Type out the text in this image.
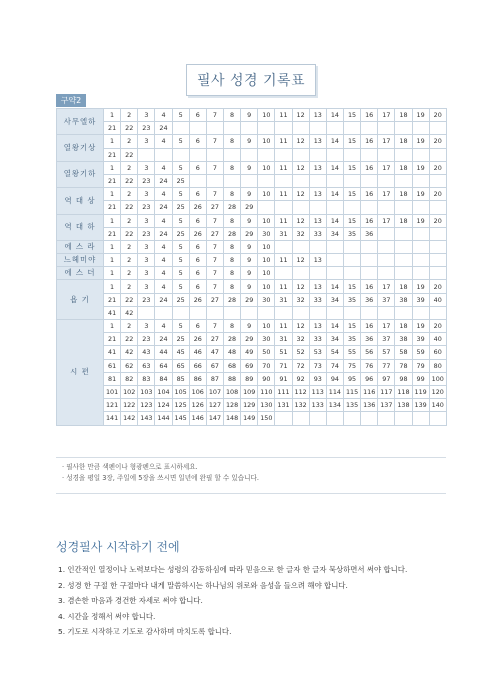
필사 성경 기록표
구약2
사무엘하	1	2	3	4	5	6	7	8	9	10	11	12	13	14	15	16	17	18	19	20
	21	22	23	24																
열왕기상	1	2	3	4	5	6	7	8	9	10	11	12	13	14	15	16	17	18	19	20
	21	22																		
열왕기하	1	2	3	4	5	6	7	8	9	10	11	12	13	14	15	16	17	18	19	20
	21	22	23	24	25															
역 대 상	1	2	3	4	5	6	7	8	9	10	11	12	13	14	15	16	17	18	19	20
	21	22	23	24	25	26	27	28	29											
역 대 하	1	2	3	4	5	6	7	8	9	10	11	12	13	14	15	16	17	18	19	20
	21	22	23	24	25	26	27	28	29	30	31	32	33	34	35	36				
에 스 라	1	2	3	4	5	6	7	8	9	10										
느헤미야	1	2	3	4	5	6	7	8	9	10	11	12	13							
에 스 더	1	2	3	4	5	6	7	8	9	10										
욥 기	1	2	3	4	5	6	7	8	9	10	11	12	13	14	15	16	17	18	19	20
	21	22	23	24	25	26	27	28	29	30	31	32	33	34	35	36	37	38	39	40
	41	42																		
시 편	1	2	3	4	5	6	7	8	9	10	11	12	13	14	15	16	17	18	19	20
	21	22	23	24	25	26	27	28	29	30	31	32	33	34	35	36	37	38	39	40
	41	42	43	44	45	46	47	48	49	50	51	52	53	54	55	56	57	58	59	60
	61	62	63	64	65	66	67	68	69	70	71	72	73	74	75	76	77	78	79	80
	81	82	83	84	85	86	87	88	89	90	91	92	93	94	95	96	97	98	99	100
	101	102	103	104	105	106	107	108	109	110	111	112	113	114	115	116	117	118	119	120
	121	122	123	124	125	126	127	128	129	130	131	132	133	134	135	136	137	138	139	140
	141	142	143	144	145	146	147	148	149	150										
· 필사한 만큼 색펜이나 형광펜으로 표시하세요.
· 성경을 평일 3장, 주일에 5장을 쓰시면 일년에 완필 할 수 있습니다.
성경필사 시작하기 전에
1. 인간적인 열정이나 노력보다는 성령의 감동하심에 따라 믿음으로 한 글자 한 글자 묵상하면서 써야 합니다.
2. 성경 한 구절 한 구절마다 내게 말씀하시는 하나님의 위로와 음성을 들으려 해야 합니다.
3. 겸손한 마음과 경건한 자세로 써야 합니다.
4. 시간을 정해서 써야 합니다.
5. 기도로 시작하고 기도로 감사하며 마치도록 합니다.
